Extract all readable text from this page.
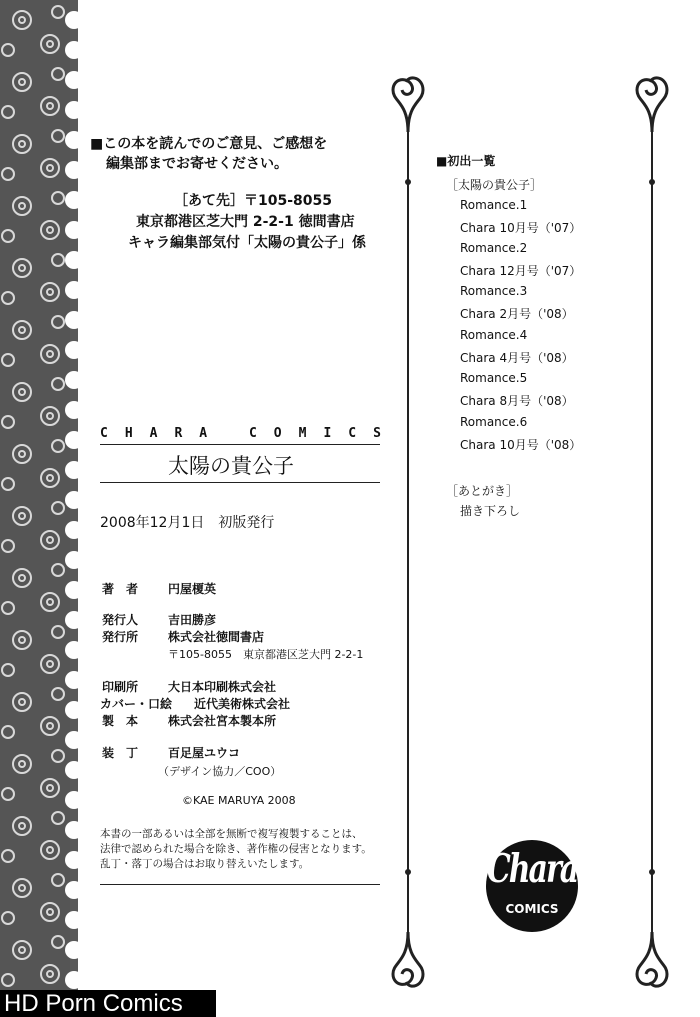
■この本を読んでのご意見、ご感想を
編集部までお寄せください。
［あて先］〒105-8055
東京都港区芝大門 2-2-1 徳間書店
キャラ編集部気付「太陽の貴公子」係
CHARA COMICS
太陽の貴公子
2008年12月1日　初版発行
著　者 円屋榎英
発行人 吉田勝彦
発行所 株式会社徳間書店
〒105-8055　東京都港区芝大門 2-2-1
印刷所 大日本印刷株式会社
カバー・口絵 近代美術株式会社
製　本 株式会社宮本製本所
装　丁 百足屋ユウコ
（デザイン協力／COO）
©KAE MARUYA 2008
本書の一部あるいは全部を無断で複写複製することは、
法律で認められた場合を除き、著作権の侵害となります。
乱丁・落丁の場合はお取り替えいたします。
■初出一覧
［太陽の貴公子］
Romance.1
Chara 10月号（'07）
Romance.2
Chara 12月号（'07）
Romance.3
Chara 2月号（'08）
Romance.4
Chara 4月号（'08）
Romance.5
Chara 8月号（'08）
Romance.6
Chara 10月号（'08）
［あとがき］
描き下ろし
Chara
COMICS
HD Porn Comics
